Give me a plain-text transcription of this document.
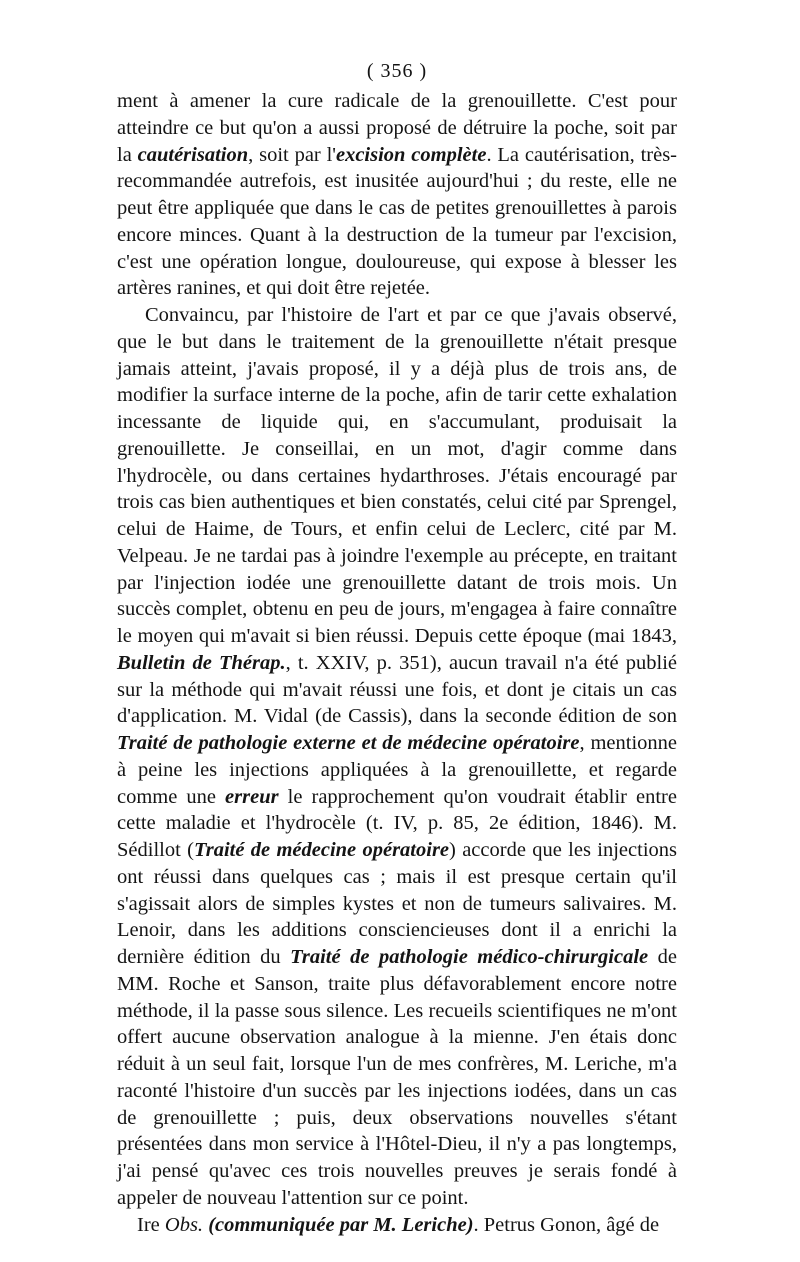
( 356 )

ment à amener la cure radicale de la grenouillette. C'est pour atteindre ce but qu'on a aussi proposé de détruire la poche, soit par la cautérisation, soit par l'excision complète. La cautérisation, très-recommandée autrefois, est inusitée aujourd'hui ; du reste, elle ne peut être appliquée que dans le cas de petites grenouillettes à parois encore minces. Quant à la destruction de la tumeur par l'excision, c'est une opération longue, douloureuse, qui expose à blesser les artères ranines, et qui doit être rejetée.

Convaincu, par l'histoire de l'art et par ce que j'avais observé, que le but dans le traitement de la grenouillette n'était presque jamais atteint, j'avais proposé, il y a déjà plus de trois ans, de modifier la surface interne de la poche, afin de tarir cette exhalation incessante de liquide qui, en s'accumulant, produisait la grenouillette. Je conseillai, en un mot, d'agir comme dans l'hydrocèle, ou dans certaines hydarthroses. J'étais encouragé par trois cas bien authentiques et bien constatés, celui cité par Sprengel, celui de Haime, de Tours, et enfin celui de Leclerc, cité par M. Velpeau. Je ne tardai pas à joindre l'exemple au précepte, en traitant par l'injection iodée une grenouillette datant de trois mois. Un succès complet, obtenu en peu de jours, m'engagea à faire connaître le moyen qui m'avait si bien réussi. Depuis cette époque (mai 1843, Bulletin de Thérap., t. XXIV, p. 351), aucun travail n'a été publié sur la méthode qui m'avait réussi une fois, et dont je citais un cas d'application. M. Vidal (de Cassis), dans la seconde édition de son Traité de pathologie externe et de médecine opératoire, mentionne à peine les injections appliquées à la grenouillette, et regarde comme une erreur le rapprochement qu'on voudrait établir entre cette maladie et l'hydrocèle (t. IV, p. 85, 2e édition, 1846). M. Sédillot (Traité de médecine opératoire) accorde que les injections ont réussi dans quelques cas ; mais il est presque certain qu'il s'agissait alors de simples kystes et non de tumeurs salivaires. M. Lenoir, dans les additions consciencieuses dont il a enrichi la dernière édition du Traité de pathologie médico-chirurgicale de MM. Roche et Sanson, traite plus défavorablement encore notre méthode, il la passe sous silence. Les recueils scientifiques ne m'ont offert aucune observation analogue à la mienne. J'en étais donc réduit à un seul fait, lorsque l'un de mes confrères, M. Leriche, m'a raconté l'histoire d'un succès par les injections iodées, dans un cas de grenouillette ; puis, deux observations nouvelles s'étant présentées dans mon service à l'Hôtel-Dieu, il n'y a pas longtemps, j'ai pensé qu'avec ces trois nouvelles preuves je serais fondé à appeler de nouveau l'attention sur ce point.

Ire Obs. (communiquée par M. Leriche). Petrus Gonon, âgé de
